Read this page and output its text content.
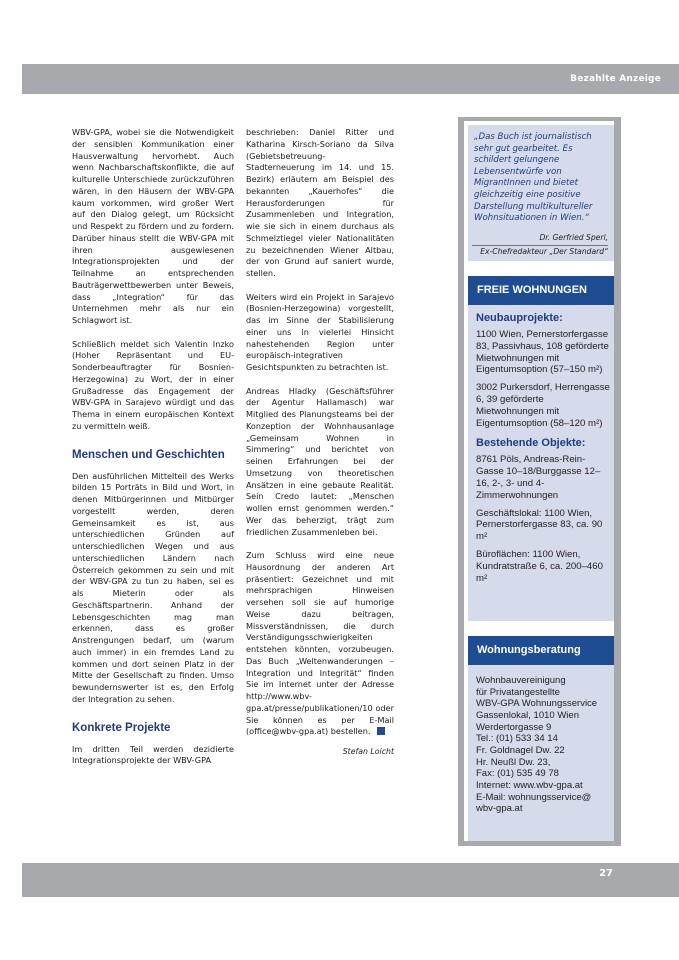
Bezahlte Anzeige

WBV-GPA, wobei sie die Notwendigkeit der sensiblen Kommunikation einer Hausverwaltung hervorhebt. Auch wenn Nachbarschaftskonflikte, die auf kulturelle Unterschiede zurückzuführen wären, in den Häusern der WBV-GPA kaum vorkommen, wird großer Wert auf den Dialog gelegt, um Rücksicht und Respekt zu fördern und zu fordern. Darüber hinaus stellt die WBV-GPA mit ihren ausgewiesenen Integrationsprojekten und der Teilnahme an entsprechenden Bauträgerwettbewerben unter Beweis, dass „Integration“ für das Unternehmen mehr als nur ein Schlagwort ist.

Schließlich meldet sich Valentin Inzko (Hoher Repräsentant und EU-Sonderbeauftragter für Bosnien-Herzegowina) zu Wort, der in einer Grußadresse das Engagement der WBV-GPA in Sarajevo würdigt und das Thema in einem europäischen Kontext zu vermitteln weiß.

Menschen und Geschichten

Den ausführlichen Mittelteil des Werks bilden 15 Porträts in Bild und Wort, in denen Mitbürgerinnen und Mitbürger vorgestellt werden, deren Gemeinsamkeit es ist, aus unterschiedlichen Gründen auf unterschiedlichen Wegen und aus unterschiedlichen Ländern nach Österreich gekommen zu sein und mit der WBV-GPA zu tun zu haben, sei es als Mieterin oder als Geschäftspartnerin. Anhand der Lebensgeschichten mag man erkennen, dass es großer Anstrengungen bedarf, um (warum auch immer) in ein fremdes Land zu kommen und dort seinen Platz in der Mitte der Gesellschaft zu finden. Umso bewundernswerter ist es, den Erfolg der Integration zu sehen.

Konkrete Projekte

Im dritten Teil werden dezidierte Integrationsprojekte der WBV-GPA

beschrieben: Daniel Ritter und Katharina Kirsch-Soriano da Silva (Gebietsbetreuung-Stadterneuerung im 14. und 15. Bezirk) erläutern am Beispiel des bekannten „Kauerhofes“ die Herausforderungen für Zusammenleben und Integration, wie sie sich in einem durchaus als Schmelztiegel vieler Nationalitäten zu bezeichnenden Wiener Altbau, der von Grund auf saniert wurde, stellen.

Weiters wird ein Projekt in Sarajevo (Bosnien-Herzegowina) vorgestellt, das im Sinne der Stabilisierung einer uns in vielerlei Hinsicht nahestehenden Region unter europäisch-integrativen Gesichtspunkten zu betrachten ist.

Andreas Hladky (Geschäftsführer der Agentur Hallamasch) war Mitglied des Planungsteams bei der Konzeption der Wohnhausanlage „Gemeinsam Wohnen in Simmering“ und berichtet von seinen Erfahrungen bei der Umsetzung von theoretischen Ansätzen in eine gebaute Realität. Sein Credo lautet: „Menschen wollen ernst genommen werden.“ Wer das beherzigt, trägt zum friedlichen Zusammenleben bei.

Zum Schluss wird eine neue Hausordnung der anderen Art präsentiert: Gezeichnet und mit mehrsprachigen Hinweisen versehen soll sie auf humorige Weise dazu beitragen, Missverständnissen, die durch Verständigungsschwierigkeiten entstehen könnten, vorzubeugen. Das Buch „Weltenwanderungen – Integration und Integrität“ finden Sie im Internet unter der Adresse http://www.wbv-gpa.at/presse/publikationen/10 oder Sie können es per E-Mail (office@wbv-gpa.at) bestellen.

Stefan Loicht
„Das Buch ist journalistisch sehr gut gearbeitet. Es schildert gelungene Lebensentwürfe von MigrantInnen und bietet gleichzeitig eine positive Darstellung multikultureller Wohnsituationen in Wien.“
Dr. Gerfried Sperl,
Ex-Chefredakteur „Der Standard“
FREIE WOHNUNGEN
Neubauprojekte:

1100 Wien, Pernerstorfergasse 83, Passivhaus, 108 geförderte Mietwohnungen mit Eigentumsoption (57–150 m²)

3002 Purkersdorf, Herrengasse 6, 39 geförderte Mietwohnungen mit Eigentumsoption (58–120 m²)

Bestehende Objekte:

8761 Pöls, Andreas-Rein-Gasse 10–18/Burggasse 12–16, 2-, 3- und 4-Zimmerwohnungen

Geschäftslokal: 1100 Wien, Pernerstorfergasse 83, ca. 90 m²

Büroflächen: 1100 Wien, Kundratstraße 6, ca. 200–460 m²

Wohnungsberatung
Wohnbauvereinigung
für Privatangestellte
WBV-GPA Wohnungsservice
Gassenlokal, 1010 Wien
Werdertorgasse 9
Tel.: (01) 533 34 14
Fr. Goldnagel Dw. 22
Hr. Neußl Dw. 23,
Fax: (01) 535 49 78
Internet: www.wbv-gpa.at
E-Mail: wohnungsservice@
wbv-gpa.at
27
